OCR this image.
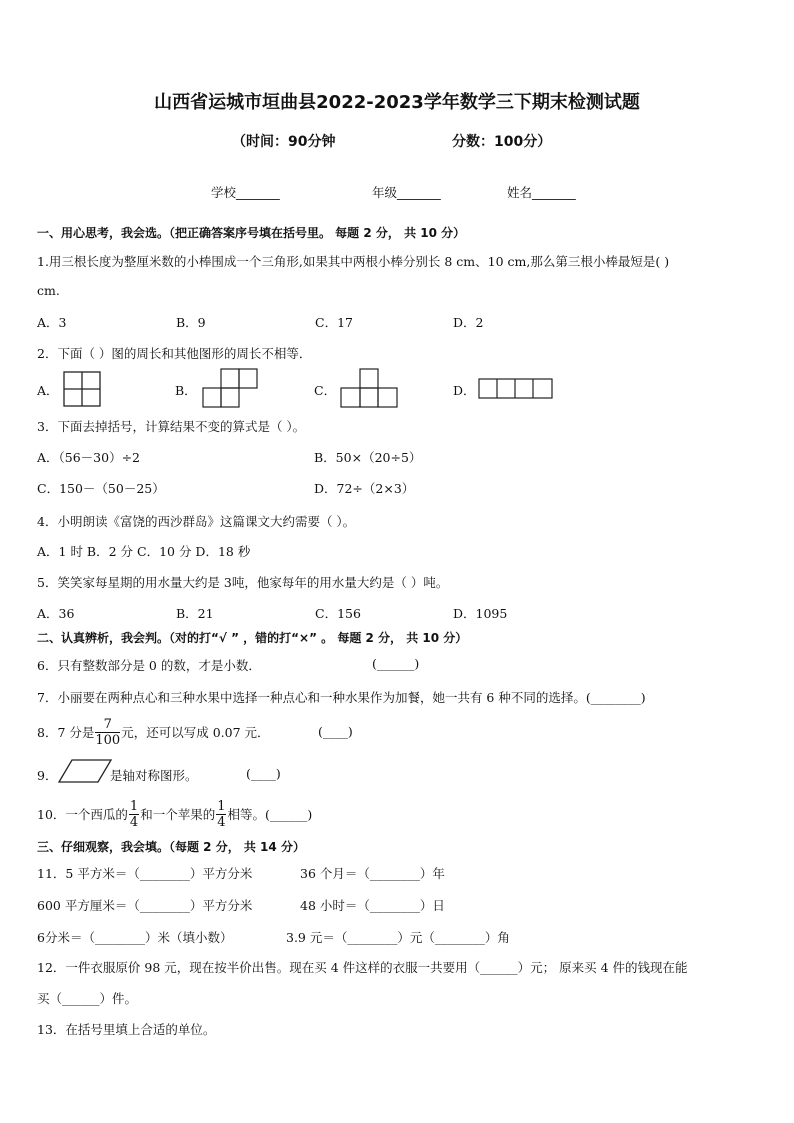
山西省运城市垣曲县2022-2023学年数学三下期末检测试题
（时间：90分钟	分数：100分）
学校_______	年级_______	姓名_______
一、用心思考，我会选。（把正确答案序号填在括号里。 每题 2 分， 共 10 分）
1.用三根长度为整厘米数的小棒围成一个三角形,如果其中两根小棒分别长 8 cm、10 cm,那么第三根小棒最短是( )
cm.
A．3	B．9	C．17	D．2
2．下面（ ）图的周长和其他图形的周长不相等．
A．	B．	C．	D．
3．下面去掉括号，计算结果不变的算式是（ ）。
A．（56－30）÷2	B．50×（20÷5）
C．150－（50－25）	D．72÷（2×3）
4．小明朗读《富饶的西沙群岛》这篇课文大约需要（ ）。
A．1 时 B．2 分 C．10 分 D．18 秒
5．笑笑家每星期的用水量大约是 3吨，他家每年的用水量大约是（ ）吨。
A．36	B．21	C．156	D．1095
二、认真辨析，我会判。（对的打“√ ” ，错的打“×” 。 每题 2 分， 共 10 分）
6．只有整数部分是 0 的数，才是小数．	(______)
7．小丽要在两种点心和三种水果中选择一种点心和一种水果作为加餐，她一共有 6 种不同的选择。(________)
8．7 分是 $\frac{7}{100}$ 元，还可以写成 0.07 元．	(____)
9．	是轴对称图形。	(____)
10．一个西瓜的 $\frac{1}{4}$ 和一个苹果的 $\frac{1}{4}$ 相等。(______)
三、仔细观察，我会填。（每题 2 分， 共 14 分）
11．5 平方米＝（________）平方分米	36 个月＝（________）年
600 平方厘米＝（________）平方分米	48 小时＝（________）日
6分米＝（________）米（填小数）	3.9 元＝（________）元（________）角
12．一件衣服原价 98 元，现在按半价出售。现在买 4 件这样的衣服一共要用（______）元； 原来买 4 件的钱现在能
买（______）件。
13．在括号里填上合适的单位。
